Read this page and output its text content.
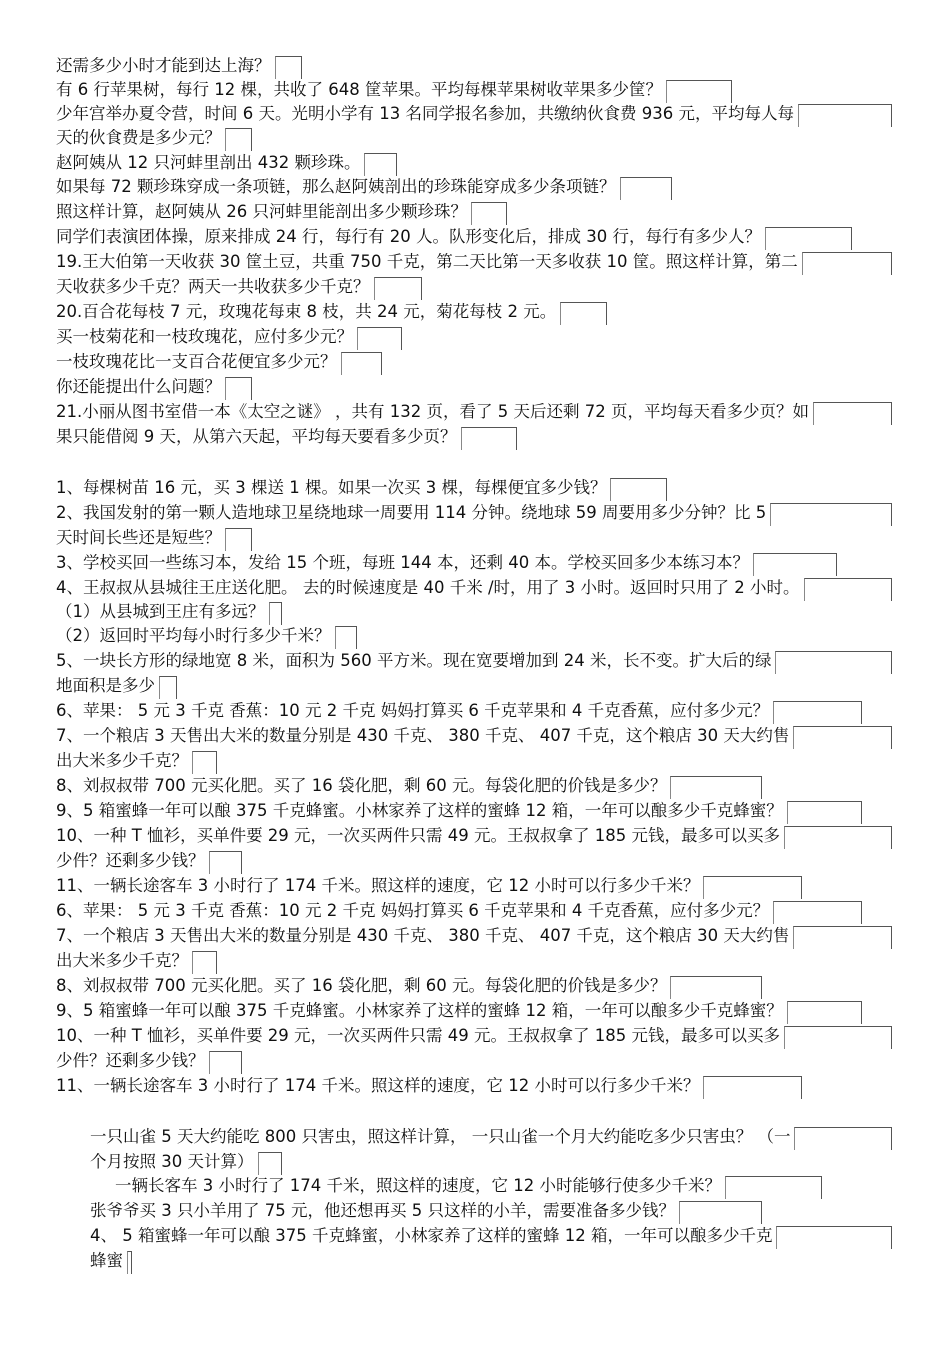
还需多少小时才能到达上海？
有 6 行苹果树，每行 12 棵，共收了 648 筐苹果。平均每棵苹果树收苹果多少筐？
少年宫举办夏令营，时间 6 天。光明小学有 13 名同学报名参加，共缴纳伙食费 936 元，平均每人每
天的伙食费是多少元？
赵阿姨从 12 只河蚌里剖出 432 颗珍珠。
如果每 72 颗珍珠穿成一条项链，那么赵阿姨剖出的珍珠能穿成多少条项链？
照这样计算，赵阿姨从 26 只河蚌里能剖出多少颗珍珠？
同学们表演团体操，原来排成 24 行，每行有 20 人。队形变化后，排成 30 行，每行有多少人？
19.王大伯第一天收获 30 筐土豆，共重 750 千克，第二天比第一天多收获 10 筐。照这样计算，第二
天收获多少千克？两天一共收获多少千克？
20.百合花每枝 7 元，玫瑰花每束 8 枝，共 24 元，菊花每枝 2 元。
买一枝菊花和一枝玫瑰花，应付多少元？
一枝玫瑰花比一支百合花便宜多少元？
你还能提出什么问题？
21.小丽从图书室借一本《太空之谜》 ，共有 132 页，看了 5 天后还剩 72 页，平均每天看多少页？如
果只能借阅 9 天，从第六天起，平均每天要看多少页？
1、每棵树苗 16 元，买 3 棵送 1 棵。如果一次买 3 棵，每棵便宜多少钱？
2、我国发射的第一颗人造地球卫星绕地球一周要用 114 分钟。绕地球 59 周要用多少分钟？比 5
天时间长些还是短些？
3、学校买回一些练习本，发给 15 个班，每班 144 本，还剩 40 本。学校买回多少本练习本？
4、王叔叔从县城往王庄送化肥。 去的时候速度是 40 千米 /时，用了 3 小时。返回时只用了 2 小时。
（1）从县城到王庄有多远？
（2）返回时平均每小时行多少千米？
5、一块长方形的绿地宽 8 米，面积为 560 平方米。现在宽要增加到 24 米，长不变。扩大后的绿
地面积是多少
6、苹果： 5 元 3 千克 香蕉：10 元 2 千克 妈妈打算买 6 千克苹果和 4 千克香蕉，应付多少元？
7、一个粮店 3 天售出大米的数量分别是 430 千克、 380 千克、 407 千克，这个粮店 30 天大约售
出大米多少千克？
8、刘叔叔带 700 元买化肥。买了 16 袋化肥，剩 60 元。每袋化肥的价钱是多少？
9、5 箱蜜蜂一年可以酿 375 千克蜂蜜。小林家养了这样的蜜蜂 12 箱，一年可以酿多少千克蜂蜜？
10、一种 T 恤衫，买单件要 29 元，一次买两件只需 49 元。王叔叔拿了 185 元钱，最多可以买多
少件？还剩多少钱？
11、一辆长途客车 3 小时行了 174 千米。照这样的速度，它 12 小时可以行多少千米？
6、苹果： 5 元 3 千克 香蕉：10 元 2 千克 妈妈打算买 6 千克苹果和 4 千克香蕉，应付多少元？
7、一个粮店 3 天售出大米的数量分别是 430 千克、 380 千克、 407 千克，这个粮店 30 天大约售
出大米多少千克？
8、刘叔叔带 700 元买化肥。买了 16 袋化肥，剩 60 元。每袋化肥的价钱是多少？
9、5 箱蜜蜂一年可以酿 375 千克蜂蜜。小林家养了这样的蜜蜂 12 箱，一年可以酿多少千克蜂蜜？
10、一种 T 恤衫，买单件要 29 元，一次买两件只需 49 元。王叔叔拿了 185 元钱，最多可以买多
少件？还剩多少钱？
11、一辆长途客车 3 小时行了 174 千米。照这样的速度，它 12 小时可以行多少千米？
一只山雀 5 天大约能吃 800 只害虫，照这样计算， 一只山雀一个月大约能吃多少只害虫？ （一
个月按照 30 天计算）
一辆长客车 3 小时行了 174 千米，照这样的速度，它 12 小时能够行使多少千米？
张爷爷买 3 只小羊用了 75 元，他还想再买 5 只这样的小羊，需要准备多少钱？
4、 5 箱蜜蜂一年可以酿 375 千克蜂蜜，小林家养了这样的蜜蜂 12 箱，一年可以酿多少千克
蜂蜜
